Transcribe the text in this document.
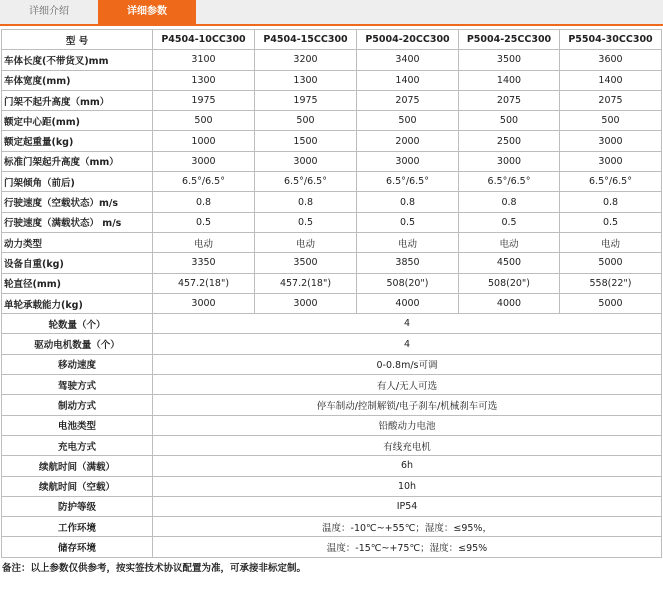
详细介绍	详细参数
型 号	P4504-10CC300	P4504-15CC300	P5004-20CC300	P5004-25CC300	P5504-30CC300
车体长度(不带货叉)mm	3100	3200	3400	3500	3600
车体宽度(mm)	1300	1300	1400	1400	1400
门架不起升高度（mm）	1975	1975	2075	2075	2075
额定中心距(mm)	500	500	500	500	500
额定起重量(kg)	1000	1500	2000	2500	3000
标准门架起升高度（mm）	3000	3000	3000	3000	3000
门架倾角（前后)	6.5°/6.5°	6.5°/6.5°	6.5°/6.5°	6.5°/6.5°	6.5°/6.5°
行驶速度（空载状态）m/s	0.8	0.8	0.8	0.8	0.8
行驶速度（满载状态） m/s	0.5	0.5	0.5	0.5	0.5
动力类型	电动	电动	电动	电动	电动
设备自重(kg)	3350	3500	3850	4500	5000
轮直径(mm)	457.2(18")	457.2(18")	508(20")	508(20")	558(22")
单轮承载能力(kg)	3000	3000	4000	4000	5000
轮数量（个）	4				
驱动电机数量（个）	4				
移动速度	0-0.8m/s可调				
驾驶方式	有人/无人可选				
制动方式	停车制动/控制解锁/电子刹车/机械刹车可选				
电池类型	铅酸动力电池				
充电方式	有线充电机				
续航时间（满载）	6h				
续航时间（空载）	10h				
防护等级	IP54				
工作环境	温度：-10℃~+55℃；湿度：≤95%，				
储存环境	温度：-15℃~+75℃；湿度：≤95%				
备注：以上参数仅供参考，按实签技术协议配置为准，可承接非标定制。
